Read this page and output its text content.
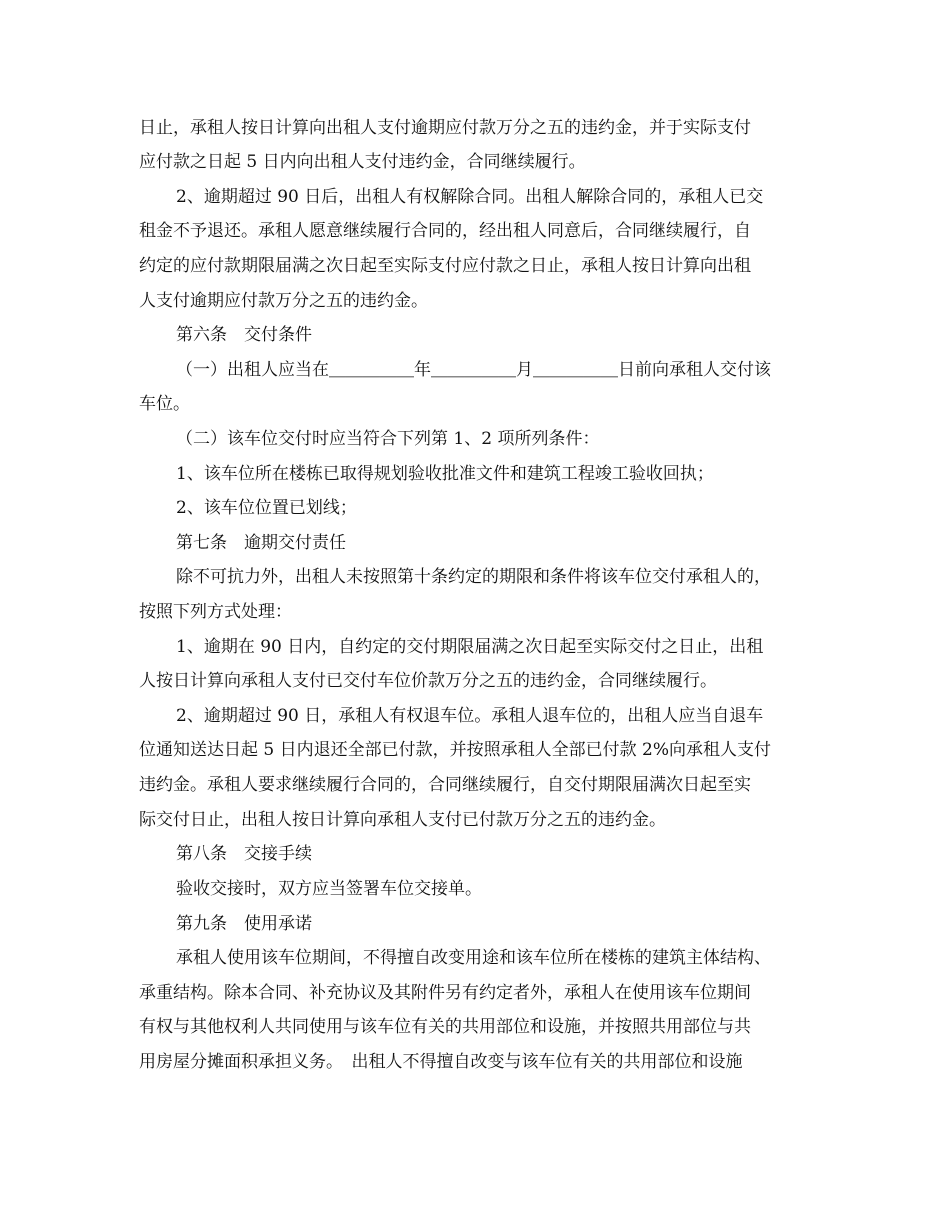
日止，承租人按日计算向出租人支付逾期应付款万分之五的违约金，并于实际支付
应付款之日起 5 日内向出租人支付违约金，合同继续履行。
2、逾期超过 90 日后，出租人有权解除合同。出租人解除合同的，承租人已交
租金不予退还。承租人愿意继续履行合同的，经出租人同意后，合同继续履行，自
约定的应付款期限届满之次日起至实际支付应付款之日止，承租人按日计算向出租
人支付逾期应付款万分之五的违约金。
第六条　交付条件
（一）出租人应当在＿＿＿＿＿年＿＿＿＿＿月＿＿＿＿＿日前向承租人交付该
车位。
（二）该车位交付时应当符合下列第 1、2 项所列条件：
1、该车位所在楼栋已取得规划验收批准文件和建筑工程竣工验收回执；
2、该车位位置已划线；
第七条　逾期交付责任
除不可抗力外，出租人未按照第十条约定的期限和条件将该车位交付承租人的，
按照下列方式处理：
1、逾期在 90 日内，自约定的交付期限届满之次日起至实际交付之日止，出租
人按日计算向承租人支付已交付车位价款万分之五的违约金，合同继续履行。
2、逾期超过 90 日，承租人有权退车位。承租人退车位的，出租人应当自退车
位通知送达日起 5 日内退还全部已付款，并按照承租人全部已付款 2%向承租人支付
违约金。承租人要求继续履行合同的，合同继续履行，自交付期限届满次日起至实
际交付日止，出租人按日计算向承租人支付已付款万分之五的违约金。
第八条　交接手续
验收交接时，双方应当签署车位交接单。
第九条　使用承诺
承租人使用该车位期间，不得擅自改变用途和该车位所在楼栋的建筑主体结构、
承重结构。除本合同、补充协议及其附件另有约定者外，承租人在使用该车位期间
有权与其他权利人共同使用与该车位有关的共用部位和设施，并按照共用部位与共
用房屋分摊面积承担义务。　出租人不得擅自改变与该车位有关的共用部位和设施
